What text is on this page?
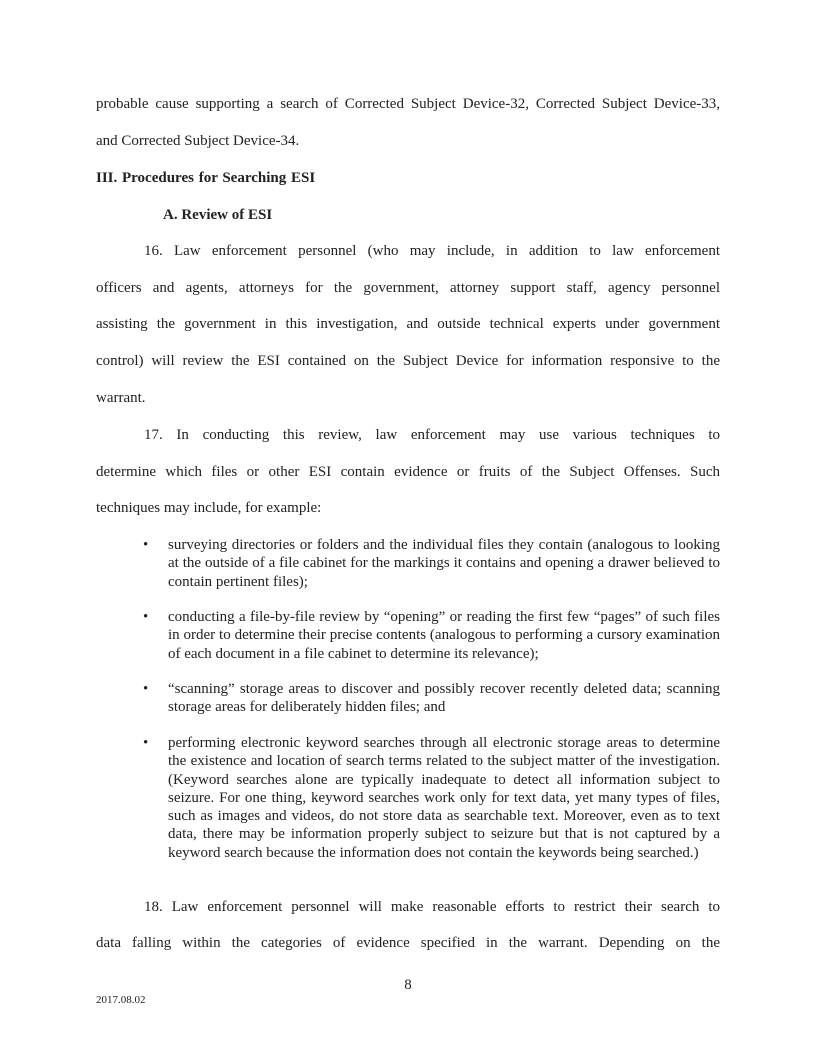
probable cause supporting a search of Corrected Subject Device-32, Corrected Subject Device-33,
and Corrected Subject Device-34.
III. Procedures for Searching ESI
A. Review of ESI
16. Law enforcement personnel (who may include, in addition to law enforcement
officers and agents, attorneys for the government, attorney support staff, agency personnel
assisting the government in this investigation, and outside technical experts under government
control) will review the ESI contained on the Subject Device for information responsive to the
warrant.
17. In conducting this review, law enforcement may use various techniques to
determine which files or other ESI contain evidence or fruits of the Subject Offenses. Such
techniques may include, for example:
•	surveying directories or folders and the individual files they contain (analogous to looking at the outside of a file cabinet for the markings it contains and opening a drawer believed to contain pertinent files);
•	conducting a file-by-file review by “opening” or reading the first few “pages” of such files in order to determine their precise contents (analogous to performing a cursory examination of each document in a file cabinet to determine its relevance);
•	“scanning” storage areas to discover and possibly recover recently deleted data; scanning storage areas for deliberately hidden files; and
•	performing electronic keyword searches through all electronic storage areas to determine the existence and location of search terms related to the subject matter of the investigation. (Keyword searches alone are typically inadequate to detect all information subject to seizure. For one thing, keyword searches work only for text data, yet many types of files, such as images and videos, do not store data as searchable text. Moreover, even as to text data, there may be information properly subject to seizure but that is not captured by a keyword search because the information does not contain the keywords being searched.)
18. Law enforcement personnel will make reasonable efforts to restrict their search to
data falling within the categories of evidence specified in the warrant. Depending on the
8
2017.08.02
